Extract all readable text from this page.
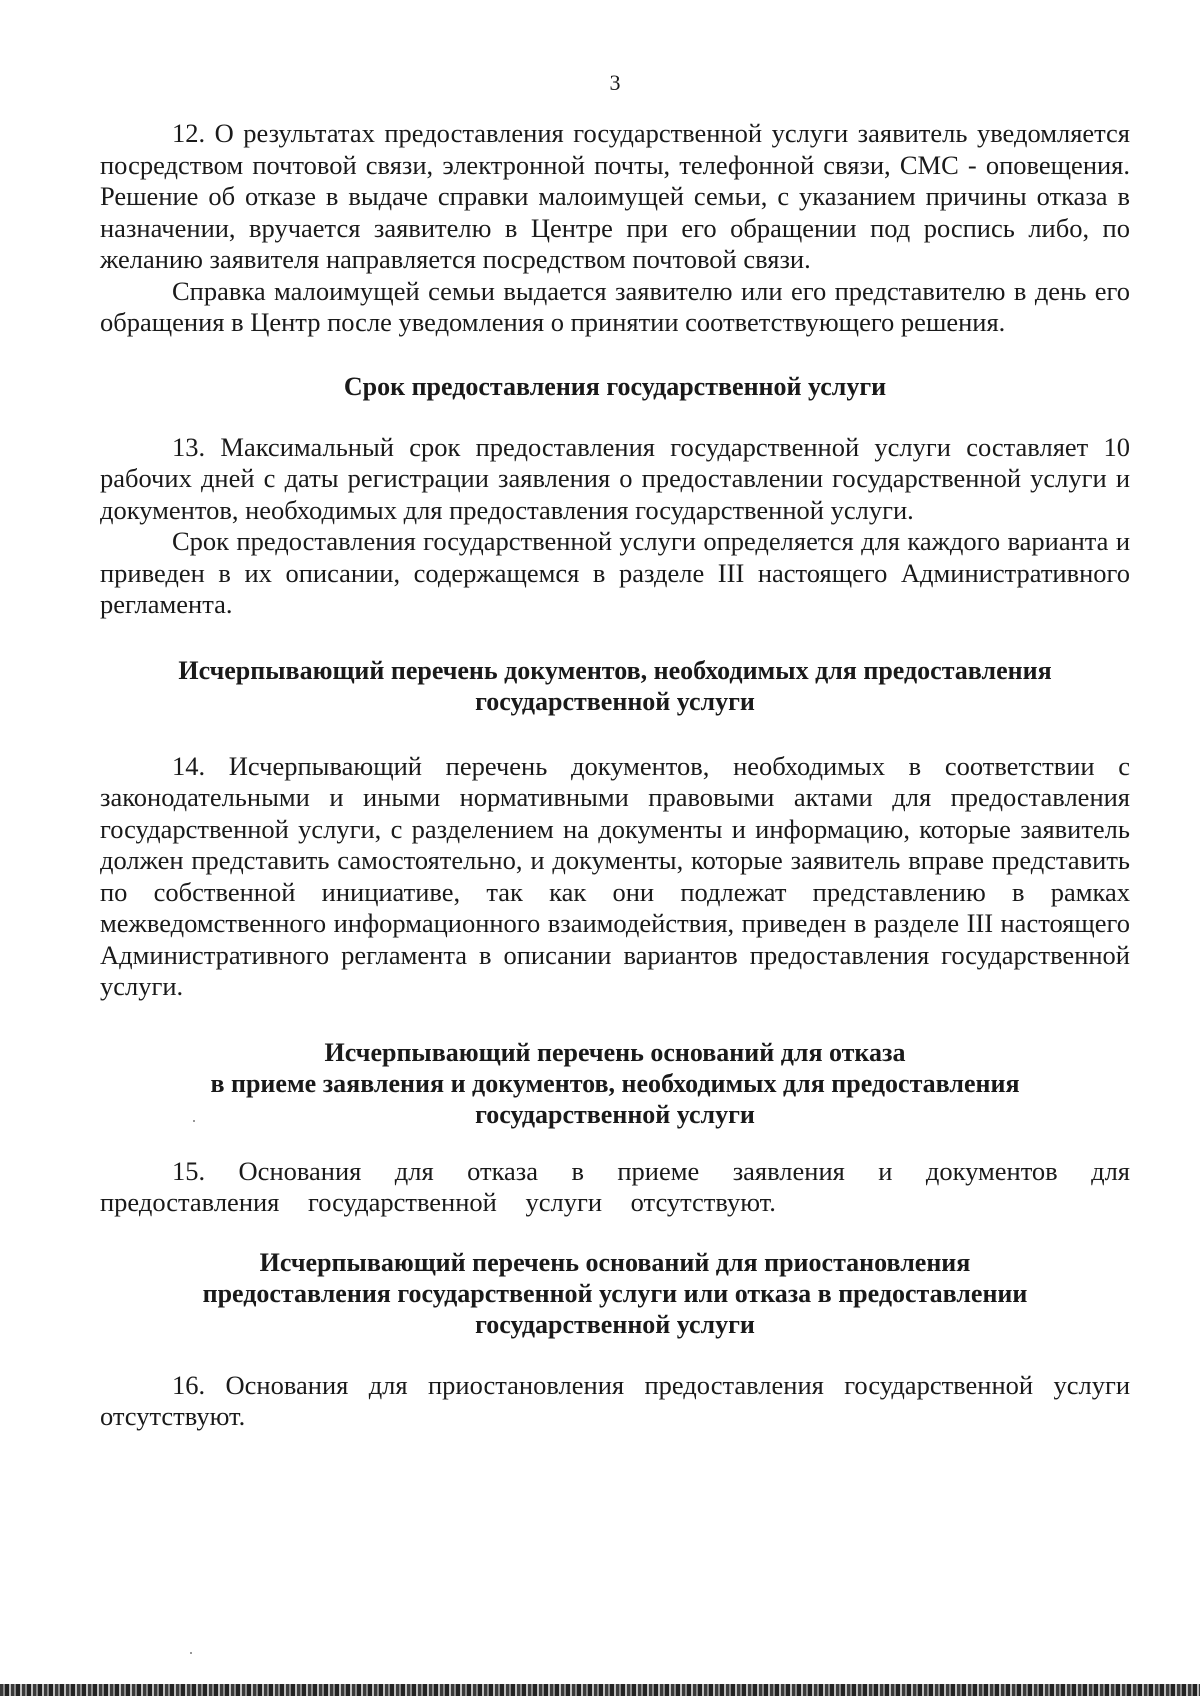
3

12. О результатах предоставления государственной услуги заявитель уведомляется посредством почтовой связи, электронной почты, телефонной связи, СМС - оповещения. Решение об отказе в выдаче справки малоимущей семьи, с указанием причины отказа в назначении, вручается заявителю в Центре при его обращении под роспись либо, по желанию заявителя направляется посредством почтовой связи.

Справка малоимущей семьи выдается заявителю или его представителю в день его обращения в Центр после уведомления о принятии соответствующего решения.

Срок предоставления государственной услуги

13. Максимальный срок предоставления государственной услуги составляет 10 рабочих дней с даты регистрации заявления о предоставлении государственной услуги и документов, необходимых для предоставления государственной услуги.

Срок предоставления государственной услуги определяется для каждого варианта и приведен в их описании, содержащемся в разделе III настоящего Административного регламента.

Исчерпывающий перечень документов, необходимых для предоставления
государственной услуги

14. Исчерпывающий перечень документов, необходимых в соответствии с законодательными и иными нормативными правовыми актами для предоставления государственной услуги, с разделением на документы и информацию, которые заявитель должен представить самостоятельно, и документы, которые заявитель вправе представить по собственной инициативе, так как они подлежат представлению в рамках межведомственного информационного взаимодействия, приведен в разделе III настоящего Административного регламента в описании вариантов предоставления государственной услуги.

Исчерпывающий перечень оснований для отказа
в приеме заявления и документов, необходимых для предоставления
государственной услуги

15. Основания для отказа в приеме заявления и документов для предоставления государственной услуги отсутствуют.

Исчерпывающий перечень оснований для приостановления
предоставления государственной услуги или отказа в предоставлении
государственной услуги

16. Основания для приостановления предоставления государственной услуги отсутствуют.
